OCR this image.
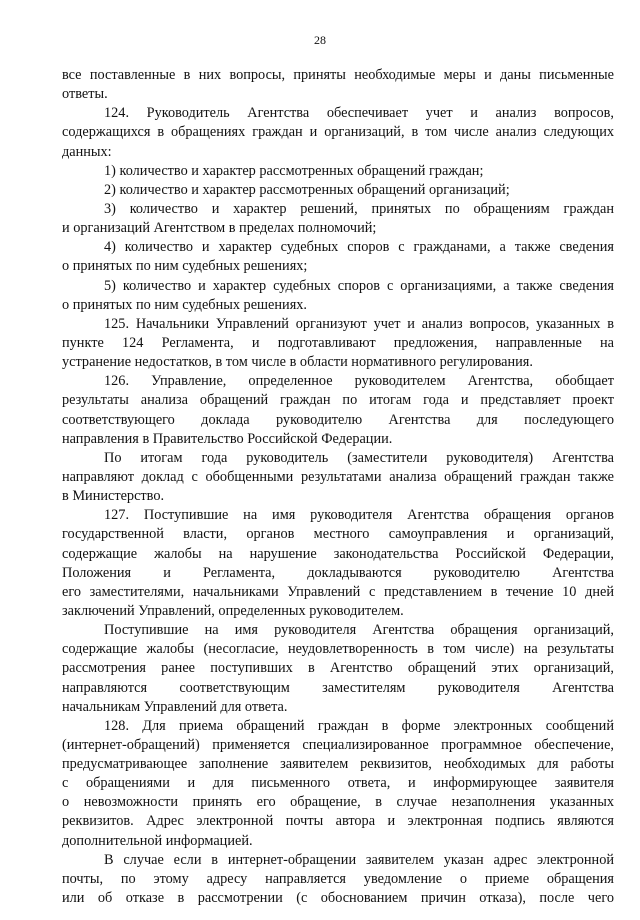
28
все поставленные в них вопросы, приняты необходимые меры и даны письменные
ответы.
124. Руководитель Агентства обеспечивает учет и анализ вопросов,
содержащихся в обращениях граждан и организаций, в том числе анализ следующих
данных:
1) количество и характер рассмотренных обращений граждан;
2) количество и характер рассмотренных обращений организаций;
3) количество и характер решений, принятых по обращениям граждан
и организаций Агентством в пределах полномочий;
4) количество и характер судебных споров с гражданами, а также сведения
о принятых по ним судебных решениях;
5) количество и характер судебных споров с организациями, а также сведения
о принятых по ним судебных решениях.
125. Начальники Управлений организуют учет и анализ вопросов, указанных в
пункте 124 Регламента, и подготавливают предложения, направленные на
устранение недостатков, в том числе в области нормативного регулирования.
126. Управление, определенное руководителем Агентства, обобщает
результаты анализа обращений граждан по итогам года и представляет проект
соответствующего доклада руководителю Агентства для последующего
направления в Правительство Российской Федерации.
По итогам года руководитель (заместители руководителя) Агентства
направляют доклад с обобщенными результатами анализа обращений граждан также
в Министерство.
127. Поступившие на имя руководителя Агентства обращения органов
государственной власти, органов местного самоуправления и организаций,
содержащие жалобы на нарушение законодательства Российской Федерации,
Положения и Регламента, докладываются руководителю Агентства
его заместителями, начальниками Управлений с представлением в течение 10 дней
заключений Управлений, определенных руководителем.
Поступившие на имя руководителя Агентства обращения организаций,
содержащие жалобы (несогласие, неудовлетворенность в том числе) на результаты
рассмотрения ранее поступивших в Агентство обращений этих организаций,
направляются соответствующим заместителям руководителя Агентства
начальникам Управлений для ответа.
128. Для приема обращений граждан в форме электронных сообщений
(интернет-обращений) применяется специализированное программное обеспечение,
предусматривающее заполнение заявителем реквизитов, необходимых для работы
с обращениями и для письменного ответа, и информирующее заявителя
о невозможности принять его обращение, в случае незаполнения указанных
реквизитов. Адрес электронной почты автора и электронная подпись являются
дополнительной информацией.
В случае если в интернет-обращении заявителем указан адрес электронной
почты, по этому адресу направляется уведомление о приеме обращения
или об отказе в рассмотрении (с обоснованием причин отказа), после чего
